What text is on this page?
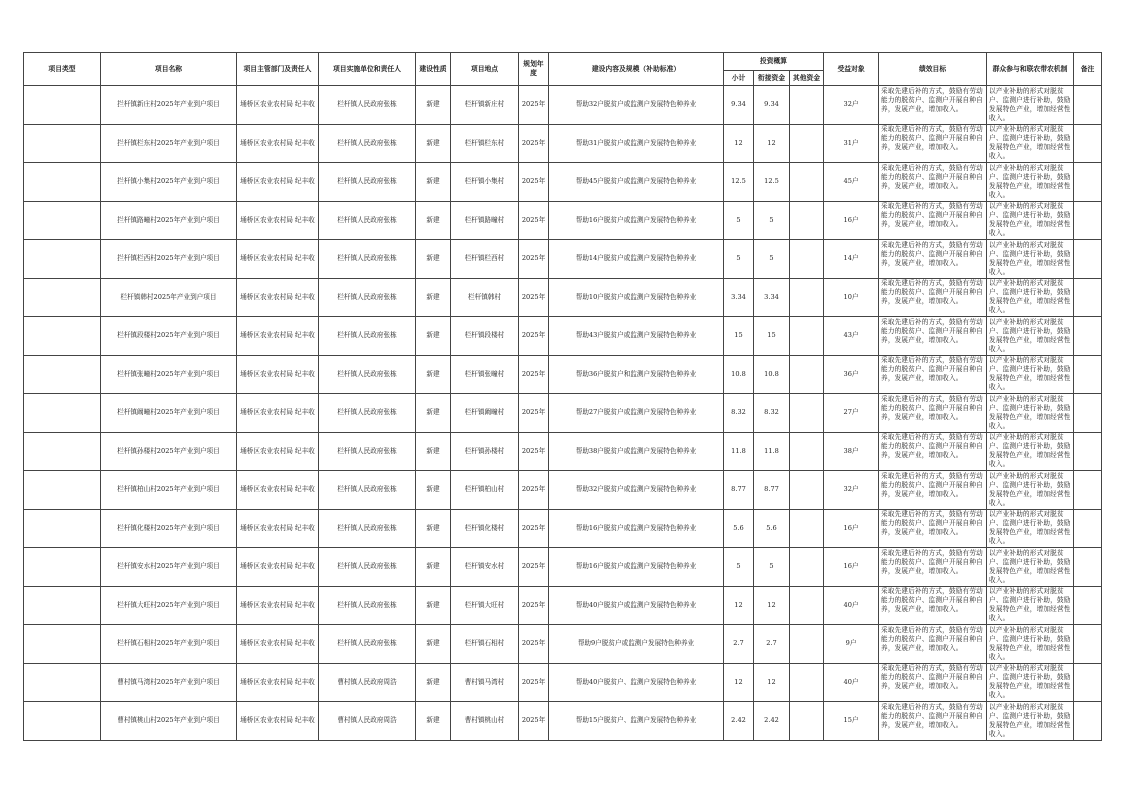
项目类型	项目名称	项目主管部门及责任人	项目实施单位和责任人	建设性质	项目地点	规划年度	建设内容及规模（补助标准）	投资概算			受益对象	绩效目标	群众参与和联农带农机制	备注
								小计	衔接资金	其他资金				
	拦杆镇新庄村2025年产业到户项目	埇桥区农业农村局 纪丰收	栏杆镇人民政府张栋	新建	栏杆镇新庄村	2025年	帮助32户脱贫户或监测户发展特色种养业	9.34	9.34		32户	采取先建后补的方式，鼓励有劳动能力的脱贫户、监测户开展自种自养，发展产业，增加收入。	以产业补助的形式对脱贫户、监测户进行补助，鼓励发展特色产业，增加经营性收入。	

	拦杆镇栏东村2025年产业到户项目	埇桥区农业农村局 纪丰收	栏杆镇人民政府张栋	新建	栏杆镇栏东村	2025年	帮助31户脱贫户或监测户发展特色种养业	12	12		31户	采取先建后补的方式，鼓励有劳动能力的脱贫户、监测户开展自种自养，发展产业，增加收入。	以产业补助的形式对脱贫户、监测户进行补助，鼓励发展特色产业，增加经营性收入。	

	拦杆镇小集村2025年产业到户项目	埇桥区农业农村局 纪丰收	栏杆镇人民政府张栋	新建	栏杆镇小集村	2025年	帮助45户脱贫户或监测户发展特色种养业	12.5	12.5		45户	采取先建后补的方式，鼓励有劳动能力的脱贫户、监测户开展自种自养，发展产业，增加收入。	以产业补助的形式对脱贫户、监测户进行补助，鼓励发展特色产业，增加经营性收入。	

	拦杆镇路疃村2025年产业到户项目	埇桥区农业农村局 纪丰收	栏杆镇人民政府张栋	新建	栏杆镇路疃村	2025年	帮助16户脱贫户或监测户发展特色种养业	5	5		16户	采取先建后补的方式，鼓励有劳动能力的脱贫户、监测户开展自种自养，发展产业，增加收入。	以产业补助的形式对脱贫户、监测户进行补助，鼓励发展特色产业，增加经营性收入。	

	拦杆镇栏西村2025年产业到户项目	埇桥区农业农村局 纪丰收	栏杆镇人民政府张栋	新建	栏杆镇栏西村	2025年	帮助14户脱贫户或监测户发展特色种养业	5	5		14户	采取先建后补的方式，鼓励有劳动能力的脱贫户、监测户开展自种自养，发展产业，增加收入。	以产业补助的形式对脱贫户、监测户进行补助，鼓励发展特色产业，增加经营性收入。	

	栏杆镇韩村2025年产业到户项目	埇桥区农业农村局 纪丰收	栏杆镇人民政府张栋	新建	栏杆镇韩村	2025年	帮助10户脱贫户或监测户发展特色种养业	3.34	3.34		10户	采取先建后补的方式，鼓励有劳动能力的脱贫户、监测户开展自种自养，发展产业，增加收入。	以产业补助的形式对脱贫户、监测户进行补助，鼓励发展特色产业，增加经营性收入。	

	栏杆镇段楼村2025年产业到户项目	埇桥区农业农村局 纪丰收	栏杆镇人民政府张栋	新建	栏杆镇段楼村	2025年	帮助43户脱贫户或监测户发展特色种养业	15	15		43户	采取先建后补的方式，鼓励有劳动能力的脱贫户、监测户开展自种自养，发展产业，增加收入。	以产业补助的形式对脱贫户、监测户进行补助，鼓励发展特色产业，增加经营性收入。	

	栏杆镇张疃村2025年产业到户项目	埇桥区农业农村局 纪丰收	栏杆镇人民政府张栋	新建	栏杆镇张疃村	2025年	帮助36户脱贫户和监测户发展特色种养业	10.8	10.8		36户	采取先建后补的方式，鼓励有劳动能力的脱贫户、监测户开展自种自养，发展产业，增加收入。	以产业补助的形式对脱贫户、监测户进行补助，鼓励发展特色产业，增加经营性收入。	

	栏杆镇阚疃村2025年产业到户项目	埇桥区农业农村局 纪丰收	栏杆镇人民政府张栋	新建	栏杆镇阚疃村	2025年	帮助27户脱贫户或监测户发展特色种养业	8.32	8.32		27户	采取先建后补的方式，鼓励有劳动能力的脱贫户、监测户开展自种自养，发展产业，增加收入。	以产业补助的形式对脱贫户、监测户进行补助，鼓励发展特色产业，增加经营性收入。	

	栏杆镇孙楼村2025年产业到户项目	埇桥区农业农村局 纪丰收	栏杆镇人民政府张栋	新建	栏杆镇孙楼村	2025年	帮助38户脱贫户或监测户发展特色种养业	11.8	11.8		38户	采取先建后补的方式，鼓励有劳动能力的脱贫户、监测户开展自种自养，发展产业，增加收入。	以产业补助的形式对脱贫户、监测户进行补助，鼓励发展特色产业，增加经营性收入。	

	栏杆镇柏山村2025年产业到户项目	埇桥区农业农村局 纪丰收	栏杆镇人民政府张栋	新建	栏杆镇柏山村	2025年	帮助32户脱贫户或监测户发展特色种养业	8.77	8.77		32户	采取先建后补的方式，鼓励有劳动能力的脱贫户、监测户开展自种自养，发展产业，增加收入。	以产业补助的形式对脱贫户、监测户进行补助，鼓励发展特色产业，增加经营性收入。	

	栏杆镇化楼村2025年产业到户项目	埇桥区农业农村局 纪丰收	栏杆镇人民政府张栋	新建	栏杆镇化楼村	2025年	帮助16户脱贫户或监测户发展特色种养业	5.6	5.6		16户	采取先建后补的方式，鼓励有劳动能力的脱贫户、监测户开展自种自养，发展产业，增加收入。	以产业补助的形式对脱贫户、监测户进行补助，鼓励发展特色产业，增加经营性收入。	

	栏杆镇安水村2025年产业到户项目	埇桥区农业农村局 纪丰收	栏杆镇人民政府张栋	新建	栏杆镇安水村	2025年	帮助16户脱贫户或监测户发展特色种养业	5	5		16户	采取先建后补的方式，鼓励有劳动能力的脱贫户、监测户开展自种自养，发展产业，增加收入。	以产业补助的形式对脱贫户、监测户进行补助，鼓励发展特色产业，增加经营性收入。	

	栏杆镇大旺村2025年产业到户项目	埇桥区农业农村局 纪丰收	栏杆镇人民政府张栋	新建	栏杆镇大旺村	2025年	帮助40户脱贫户或监测户发展特色种养业	12	12		40户	采取先建后补的方式，鼓励有劳动能力的脱贫户、监测户开展自种自养，发展产业，增加收入。	以产业补助的形式对脱贫户、监测户进行补助，鼓励发展特色产业，增加经营性收入。	

	栏杆镇石相村2025年产业到户项目	埇桥区农业农村局 纪丰收	栏杆镇人民政府张栋	新建	栏杆镇石相村	2025年	帮助9户脱贫户或监测户发展特色种养业	2.7	2.7		9户	采取先建后补的方式，鼓励有劳动能力的脱贫户、监测户开展自种自养，发展产业，增加收入。	以产业补助的形式对脱贫户、监测户进行补助，鼓励发展特色产业，增加经营性收入。	

	曹村镇马湾村2025年产业到户项目	埇桥区农业农村局 纪丰收	曹村镇人民政府周浩	新建	曹村镇马湾村	2025年	帮助40户脱贫户、监测户发展特色种养业	12	12		40户	采取先建后补的方式，鼓励有劳动能力的脱贫户、监测户开展自种自养，发展产业，增加收入。	以产业补助的形式对脱贫户、监测户进行补助，鼓励发展特色产业，增加经营性收入。	

	曹村镇桃山村2025年产业到户项目	埇桥区农业农村局 纪丰收	曹村镇人民政府周浩	新建	曹村镇桃山村	2025年	帮助15户脱贫户、监测户发展特色种养业	2.42	2.42		15户	采取先建后补的方式，鼓励有劳动能力的脱贫户、监测户开展自种自养，发展产业，增加收入。	以产业补助的形式对脱贫户、监测户进行补助，鼓励发展特色产业，增加经营性收入。	
